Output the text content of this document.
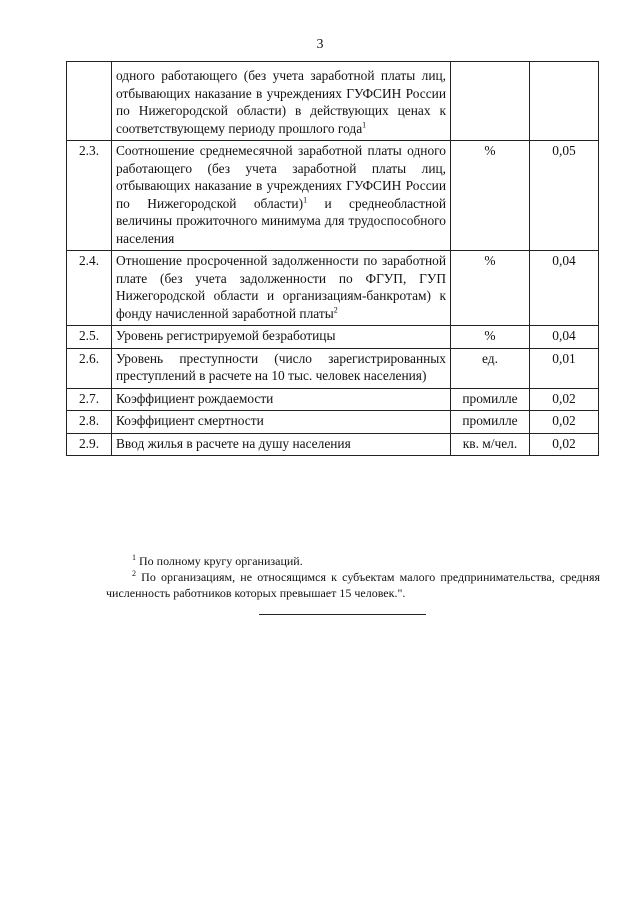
3
	одного работающего (без учета заработной платы лиц, отбывающих наказание в учреждениях ГУФСИН России по Нижегородской области) в действующих ценах к соответствующему периоду прошлого года$^1$		
2.3.	Соотношение среднемесячной заработной платы одного работающего (без учета заработной платы лиц, отбывающих наказание в учреждениях ГУФСИН России по Нижегородской области)$^1$ и среднеобластной величины прожиточного минимума для трудоспособного населения	%	0,05
2.4.	Отношение просроченной задолженности по заработной плате (без учета задолженности по ФГУП, ГУП Нижегородской области и организациям-банкротам) к фонду начисленной заработной платы$^2$	%	0,04
2.5.	Уровень регистрируемой безработицы	%	0,04
2.6.	Уровень преступности (число зарегистрированных преступлений в расчете на 10 тыс. человек населения)	ед.	0,01
2.7.	Коэффициент рождаемости	промилле	0,02
2.8.	Коэффициент смертности	промилле	0,02
2.9.	Ввод жилья в расчете на душу населения	кв. м/чел.	0,02
$^1$ По полному кругу организаций.
$^2$ По организациям, не относящимся к субъектам малого предпринимательства, средняя численность работников которых превышает 15 человек.".
